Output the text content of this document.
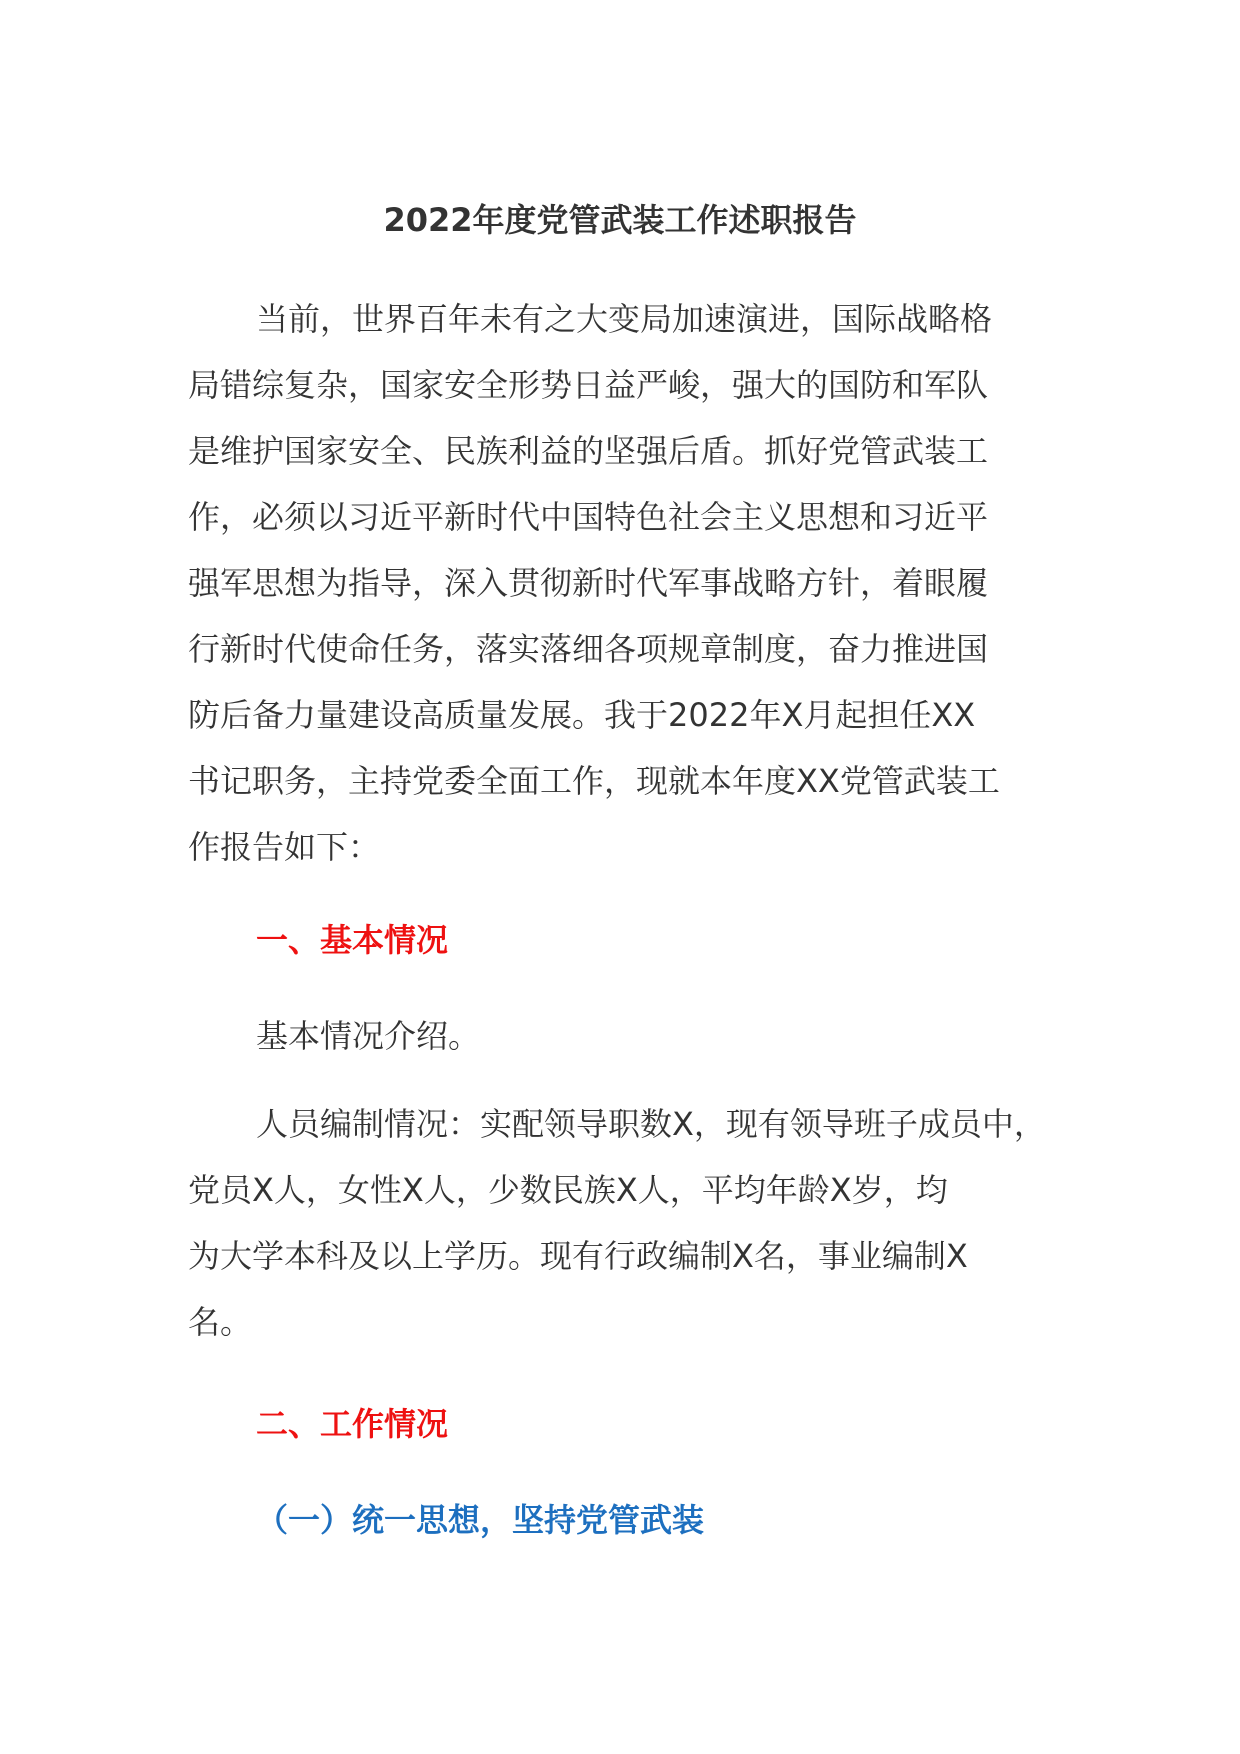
2022年度党管武装工作述职报告
当前，世界百年未有之大变局加速演进，国际战略格
局错综复杂，国家安全形势日益严峻，强大的国防和军队
是维护国家安全、民族利益的坚强后盾。抓好党管武装工
作，必须以习近平新时代中国特色社会主义思想和习近平
强军思想为指导，深入贯彻新时代军事战略方针，着眼履
行新时代使命任务，落实落细各项规章制度，奋力推进国
防后备力量建设高质量发展。我于2022年X月起担任XX
书记职务，主持党委全面工作，现就本年度XX党管武装工
作报告如下：
一、基本情况

基本情况介绍。

人员编制情况：实配领导职数X，现有领导班子成员中，
党员X人，女性X人，少数民族X人，平均年龄X岁，均
为大学本科及以上学历。现有行政编制X名，事业编制X
名。
二、工作情况
（一）统一思想，坚持党管武装
